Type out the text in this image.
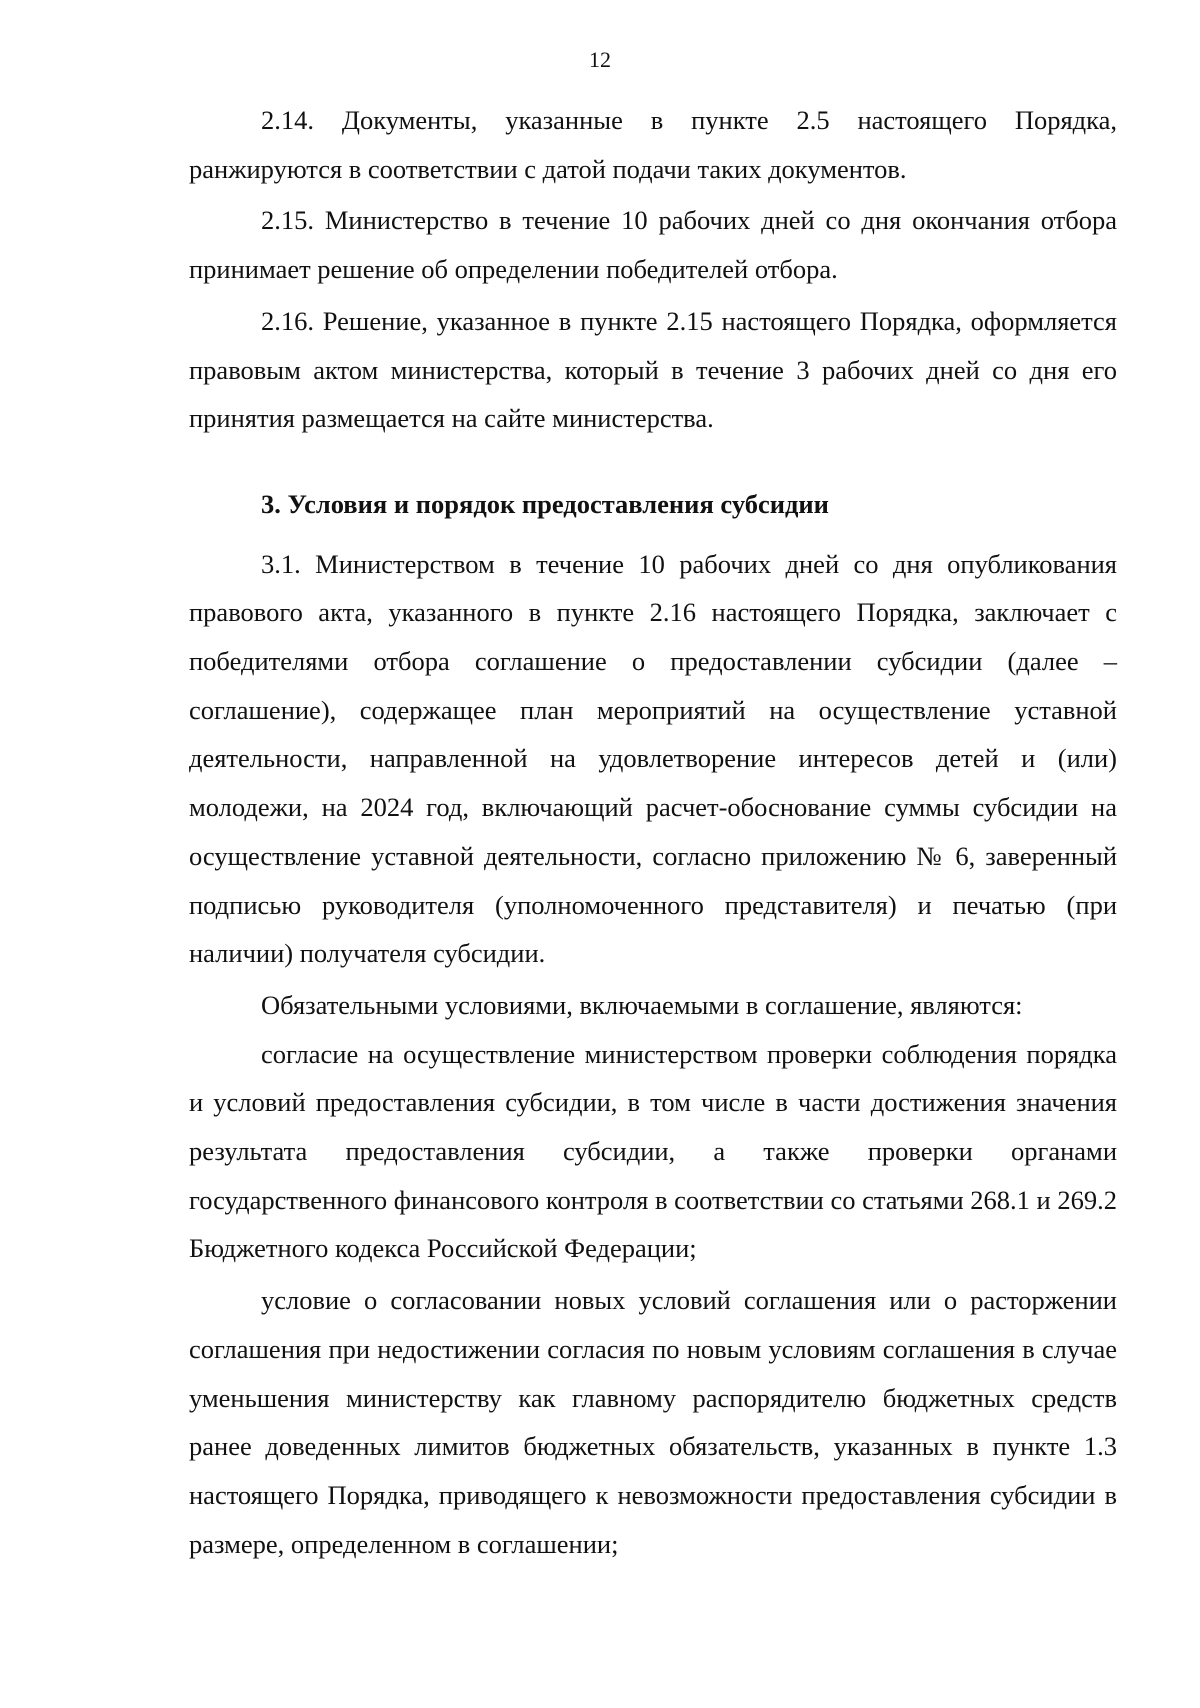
12

2.14. Документы, указанные в пункте 2.5 настоящего Порядка, ранжируются в соответствии с датой подачи таких документов.

2.15. Министерство в течение 10 рабочих дней со дня окончания отбора принимает решение об определении победителей отбора.

2.16. Решение, указанное в пункте 2.15 настоящего Порядка, оформляется правовым актом министерства, который в течение 3 рабочих дней со дня его принятия размещается на сайте министерства.

3. Условия и порядок предоставления субсидии

3.1. Министерством в течение 10 рабочих дней со дня опубликования правового акта, указанного в пункте 2.16 настоящего Порядка, заключает с победителями отбора соглашение о предоставлении субсидии (далее – соглашение), содержащее план мероприятий на осуществление уставной деятельности, направленной на удовлетворение интересов детей и (или) молодежи, на 2024 год, включающий расчет-обоснование суммы субсидии на осуществление уставной деятельности, согласно приложению № 6, заверенный подписью руководителя (уполномоченного представителя) и печатью (при наличии) получателя субсидии.

Обязательными условиями, включаемыми в соглашение, являются:

согласие на осуществление министерством проверки соблюдения порядка и условий предоставления субсидии, в том числе в части достижения значения результата предоставления субсидии, а также проверки органами государственного финансового контроля в соответствии со статьями 268.1 и 269.2 Бюджетного кодекса Российской Федерации;

условие о согласовании новых условий соглашения или о расторжении соглашения при недостижении согласия по новым условиям соглашения в случае уменьшения министерству как главному распорядителю бюджетных средств ранее доведенных лимитов бюджетных обязательств, указанных в пункте 1.3 настоящего Порядка, приводящего к невозможности предоставления субсидии в размере, определенном в соглашении;
